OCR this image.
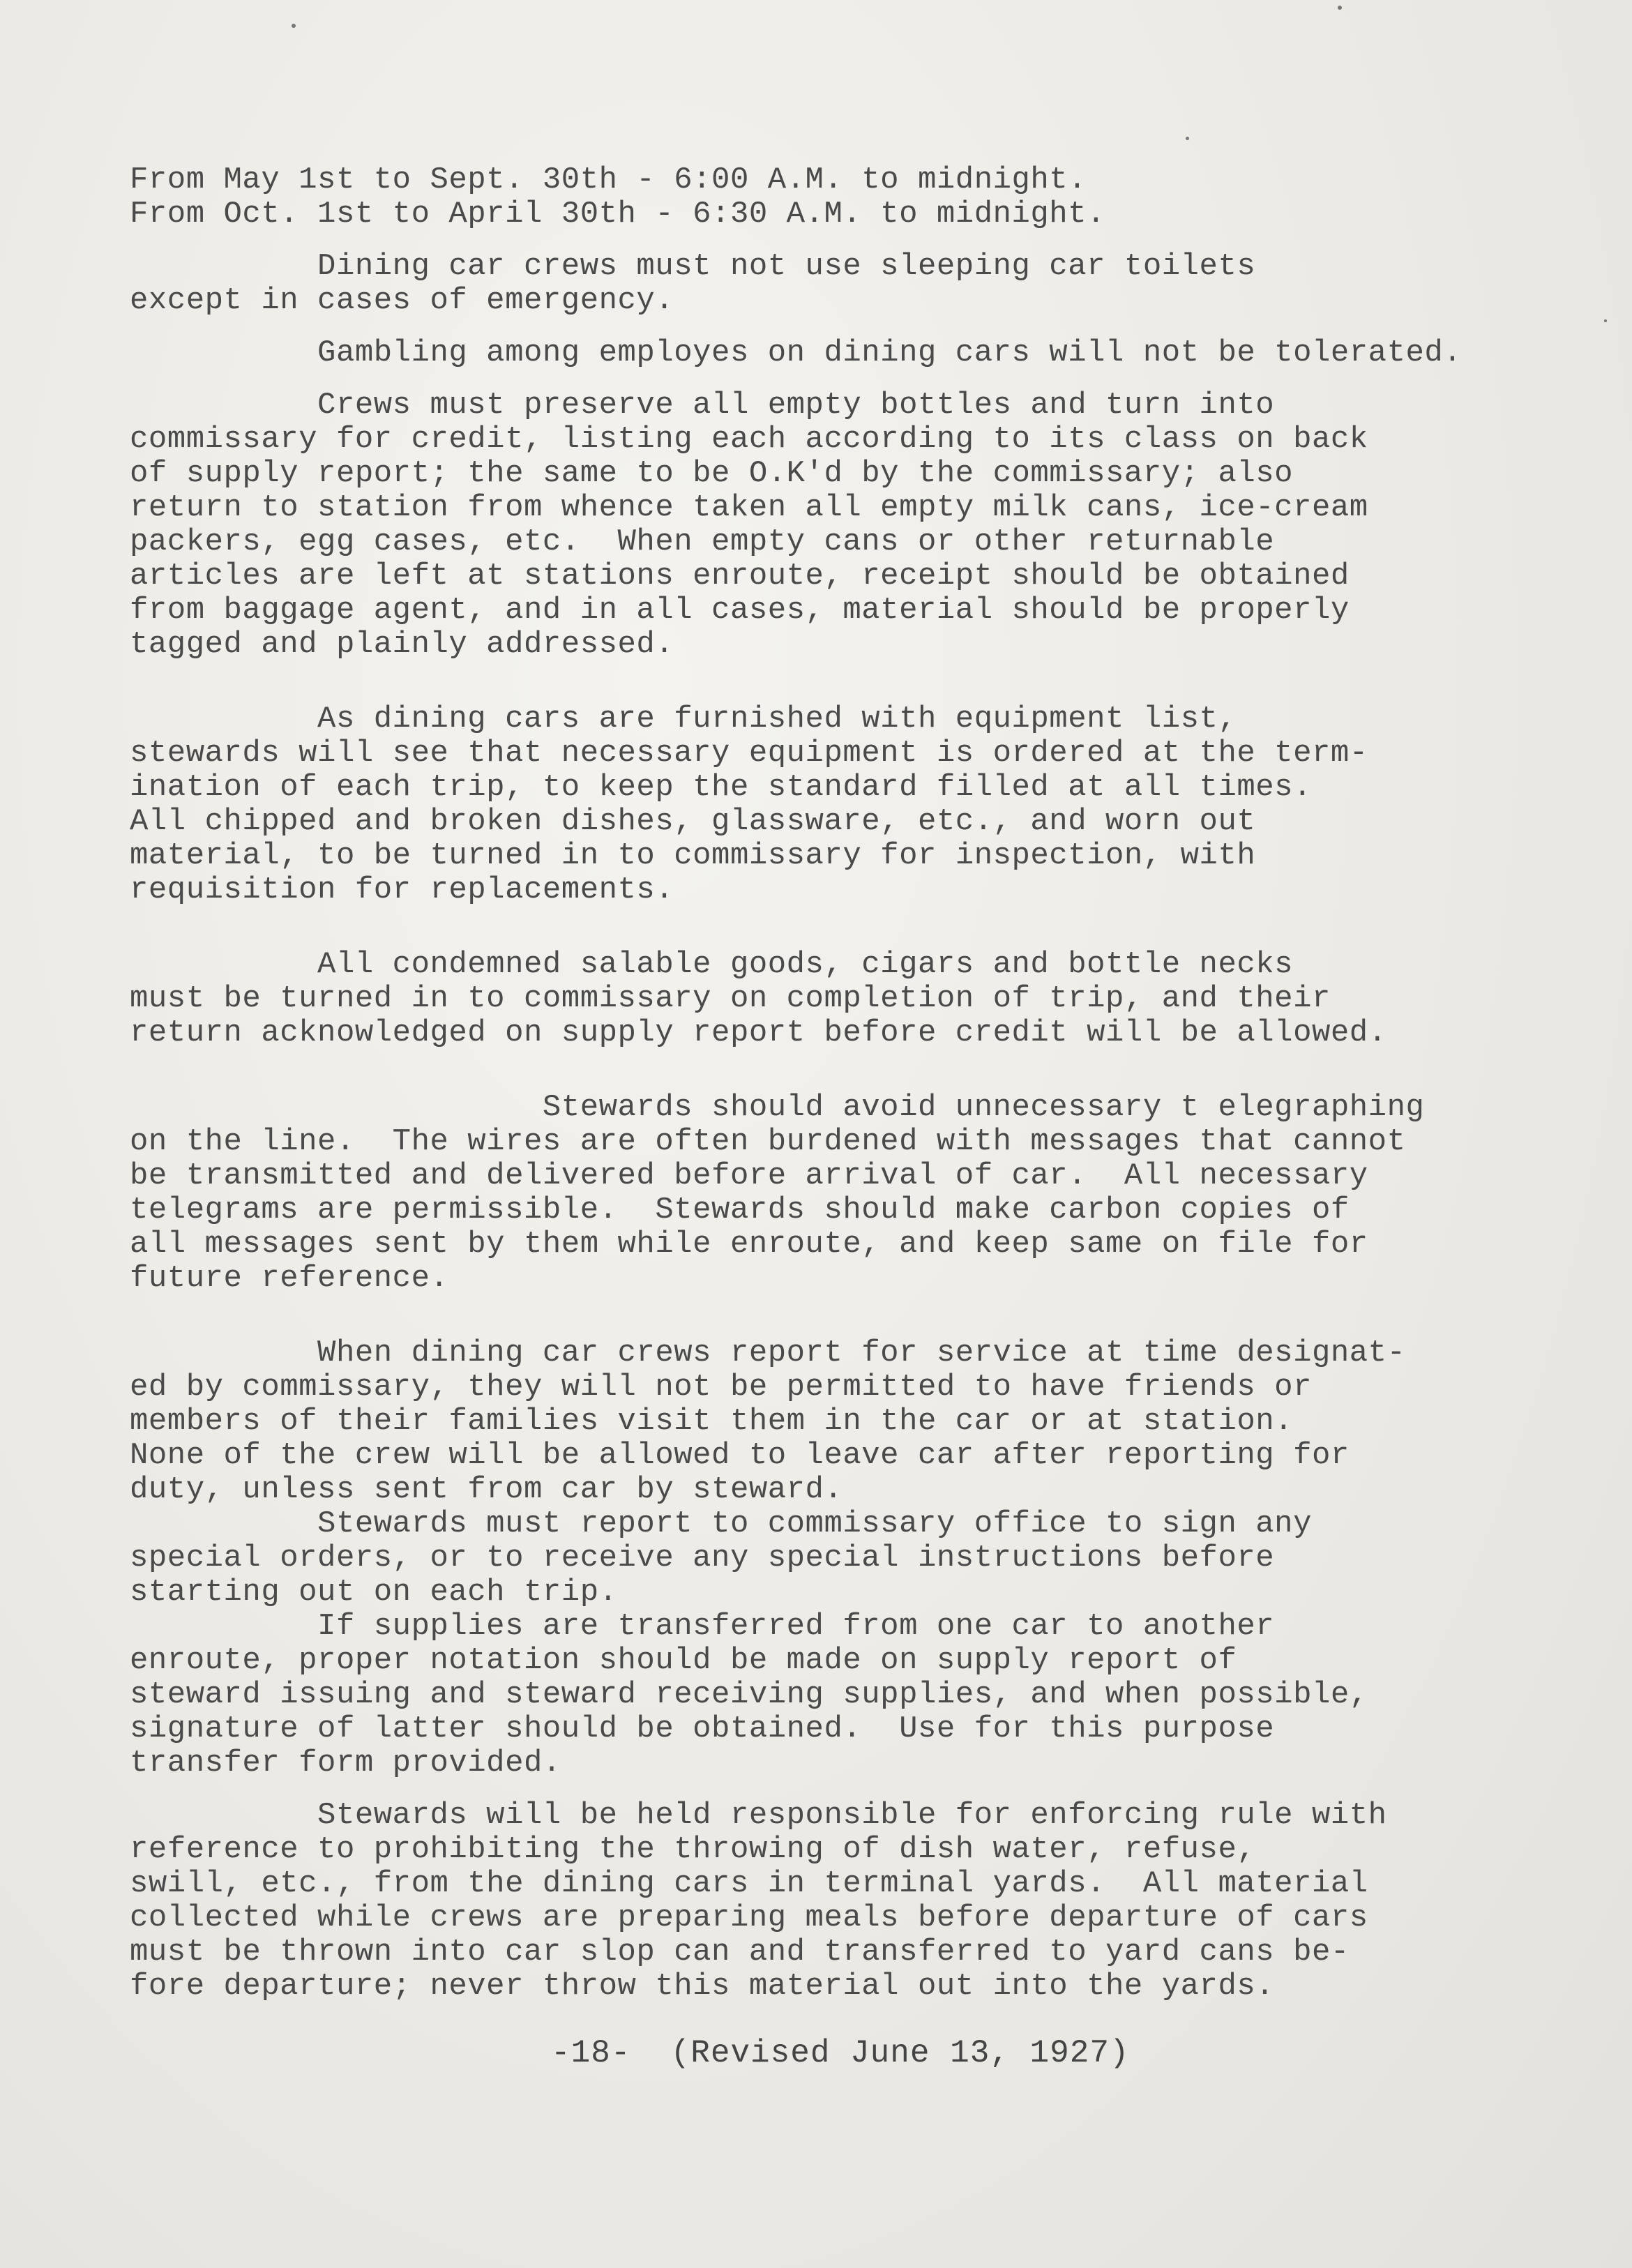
From May 1st to Sept. 30th - 6:00 A.M. to midnight.
From Oct. 1st to April 30th - 6:30 A.M. to midnight.
Dining car crews must not use sleeping car toilets
except in cases of emergency.
Gambling among employes on dining cars will not be tolerated.
Crews must preserve all empty bottles and turn into
commissary for credit, listing each according to its class on back
of supply report; the same to be O.K'd by the commissary; also
return to station from whence taken all empty milk cans, ice-cream
packers, egg cases, etc.  When empty cans or other returnable
articles are left at stations enroute, receipt should be obtained
from baggage agent, and in all cases, material should be properly
tagged and plainly addressed.
As dining cars are furnished with equipment list,
stewards will see that necessary equipment is ordered at the term-
ination of each trip, to keep the standard filled at all times.
All chipped and broken dishes, glassware, etc., and worn out
material, to be turned in to commissary for inspection, with
requisition for replacements.
All condemned salable goods, cigars and bottle necks
must be turned in to commissary on completion of trip, and their
return acknowledged on supply report before credit will be allowed.
Stewards should avoid unnecessary t elegraphing
on the line.  The wires are often burdened with messages that cannot
be transmitted and delivered before arrival of car.  All necessary
telegrams are permissible.  Stewards should make carbon copies of
all messages sent by them while enroute, and keep same on file for
future reference.
When dining car crews report for service at time designat-
ed by commissary, they will not be permitted to have friends or
members of their families visit them in the car or at station.
None of the crew will be allowed to leave car after reporting for
duty, unless sent from car by steward.
Stewards must report to commissary office to sign any
special orders, or to receive any special instructions before
starting out on each trip.
If supplies are transferred from one car to another
enroute, proper notation should be made on supply report of
steward issuing and steward receiving supplies, and when possible,
signature of latter should be obtained.  Use for this purpose
transfer form provided.
Stewards will be held responsible for enforcing rule with
reference to prohibiting the throwing of dish water, refuse,
swill, etc., from the dining cars in terminal yards.  All material
collected while crews are preparing meals before departure of cars
must be thrown into car slop can and transferred to yard cans be-
fore departure; never throw this material out into the yards.
-18-  (Revised June 13, 1927)
